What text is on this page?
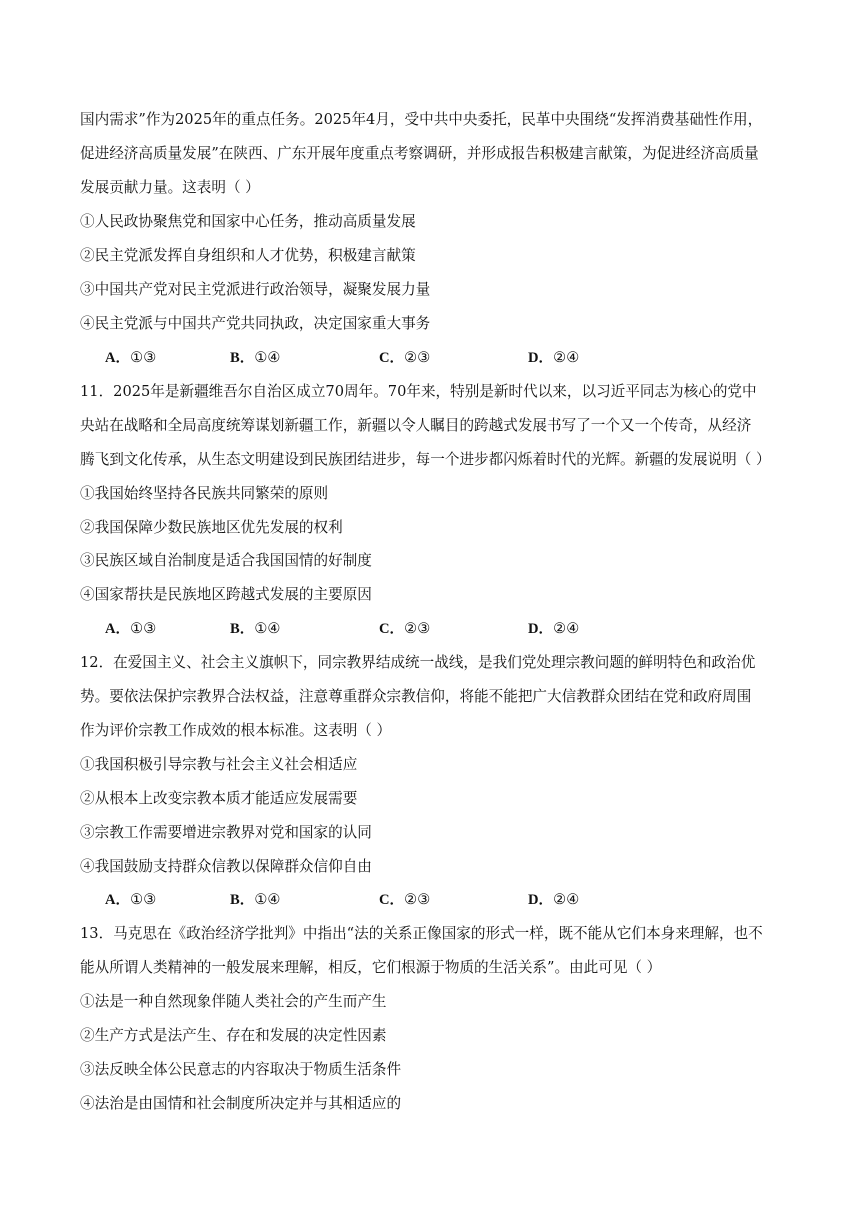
国内需求”作为2025年的重点任务。2025年4月，受中共中央委托，民革中央围绕“发挥消费基础性作用，
促进经济高质量发展”在陕西、广东开展年度重点考察调研，并形成报告积极建言献策，为促进经济高质量
发展贡献力量。这表明（ ）
①人民政协聚焦党和国家中心任务，推动高质量发展
②民主党派发挥自身组织和人才优势，积极建言献策
③中国共产党对民主党派进行政治领导，凝聚发展力量
④民主党派与中国共产党共同执政，决定国家重大事务
A．①③	B．①④	C．②③	D．②④
11．2025年是新疆维吾尔自治区成立70周年。70年来，特别是新时代以来，以习近平同志为核心的党中
央站在战略和全局高度统筹谋划新疆工作，新疆以令人瞩目的跨越式发展书写了一个又一个传奇，从经济
腾飞到文化传承，从生态文明建设到民族团结进步，每一个进步都闪烁着时代的光辉。新疆的发展说明（ ）
①我国始终坚持各民族共同繁荣的原则
②我国保障少数民族地区优先发展的权利
③民族区域自治制度是适合我国国情的好制度
④国家帮扶是民族地区跨越式发展的主要原因
A．①③	B．①④	C．②③	D．②④
12．在爱国主义、社会主义旗帜下，同宗教界结成统一战线，是我们党处理宗教问题的鲜明特色和政治优
势。要依法保护宗教界合法权益，注意尊重群众宗教信仰，将能不能把广大信教群众团结在党和政府周围
作为评价宗教工作成效的根本标准。这表明（ ）
①我国积极引导宗教与社会主义社会相适应
②从根本上改变宗教本质才能适应发展需要
③宗教工作需要增进宗教界对党和国家的认同
④我国鼓励支持群众信教以保障群众信仰自由
A．①③	B．①④	C．②③	D．②④
13．马克思在《政治经济学批判》中指出“法的关系正像国家的形式一样，既不能从它们本身来理解，也不
能从所谓人类精神的一般发展来理解，相反，它们根源于物质的生活关系”。由此可见（ ）
①法是一种自然现象伴随人类社会的产生而产生
②生产方式是法产生、存在和发展的决定性因素
③法反映全体公民意志的内容取决于物质生活条件
④法治是由国情和社会制度所决定并与其相适应的
